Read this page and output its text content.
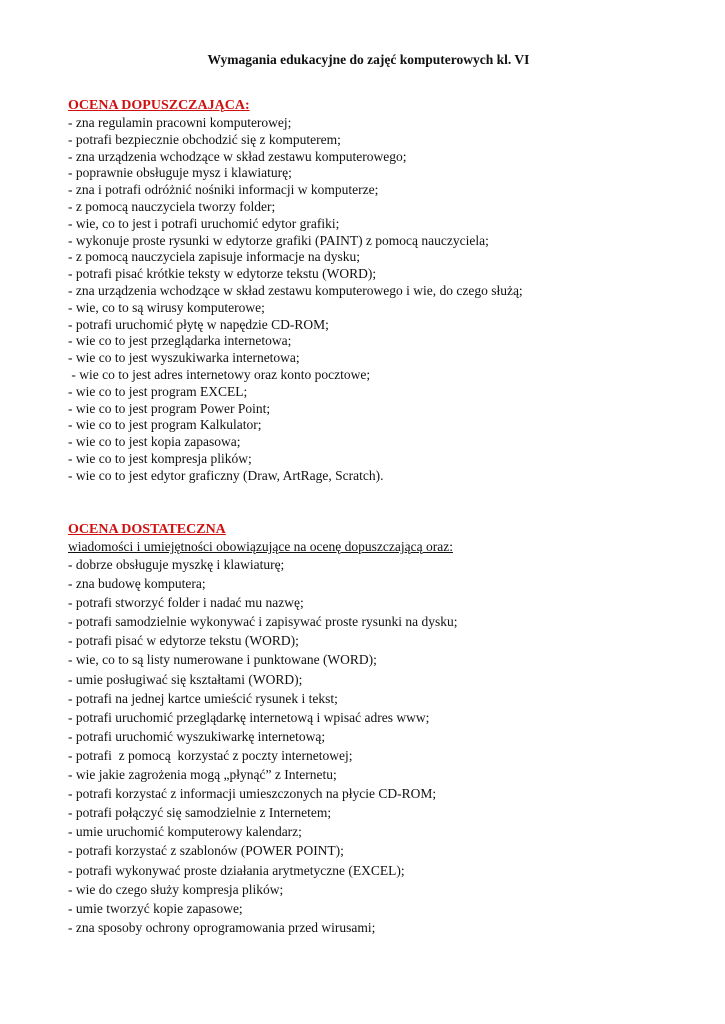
Wymagania edukacyjne do zajęć komputerowych kl. VI

OCENA DOPUSZCZAJĄCA:

- zna regulamin pracowni komputerowej;
- potrafi bezpiecznie obchodzić się z komputerem;
- zna urządzenia wchodzące w skład zestawu komputerowego;
- poprawnie obsługuje mysz i klawiaturę;
- zna i potrafi odróżnić nośniki informacji w komputerze;
- z pomocą nauczyciela tworzy folder;
- wie, co to jest i potrafi uruchomić edytor grafiki;
- wykonuje proste rysunki w edytorze grafiki (PAINT) z pomocą nauczyciela;
- z pomocą nauczyciela zapisuje informacje na dysku;
- potrafi pisać krótkie teksty w edytorze tekstu (WORD);
- zna urządzenia wchodzące w skład zestawu komputerowego i wie, do czego służą;
- wie, co to są wirusy komputerowe;
- potrafi uruchomić płytę w napędzie CD-ROM;
- wie co to jest przeglądarka internetowa;
- wie co to jest wyszukiwarka internetowa;
- wie co to jest adres internetowy oraz konto pocztowe;
- wie co to jest program EXCEL;
- wie co to jest program Power Point;
- wie co to jest program Kalkulator;
- wie co to jest kopia zapasowa;
- wie co to jest kompresja plików;
- wie co to jest edytor graficzny (Draw, ArtRage, Scratch).

OCENA DOSTATECZNA

wiadomości i umiejętności obowiązujące na ocenę dopuszczającą oraz:

- dobrze obsługuje myszkę i klawiaturę;
- zna budowę komputera;
- potrafi stworzyć folder i nadać mu nazwę;
- potrafi samodzielnie wykonywać i zapisywać proste rysunki na dysku;
- potrafi pisać w edytorze tekstu (WORD);
- wie, co to są listy numerowane i punktowane (WORD);
- umie posługiwać się kształtami (WORD);
- potrafi na jednej kartce umieścić rysunek i tekst;
- potrafi uruchomić przeglądarkę internetową i wpisać adres www;
- potrafi uruchomić wyszukiwarkę internetową;
- potrafi  z pomocą  korzystać z poczty internetowej;
- wie jakie zagrożenia mogą „płynąć” z Internetu;
- potrafi korzystać z informacji umieszczonych na płycie CD-ROM;
- potrafi połączyć się samodzielnie z Internetem;
- umie uruchomić komputerowy kalendarz;
- potrafi korzystać z szablonów (POWER POINT);
- potrafi wykonywać proste działania arytmetyczne (EXCEL);
- wie do czego służy kompresja plików;
- umie tworzyć kopie zapasowe;
- zna sposoby ochrony oprogramowania przed wirusami;
